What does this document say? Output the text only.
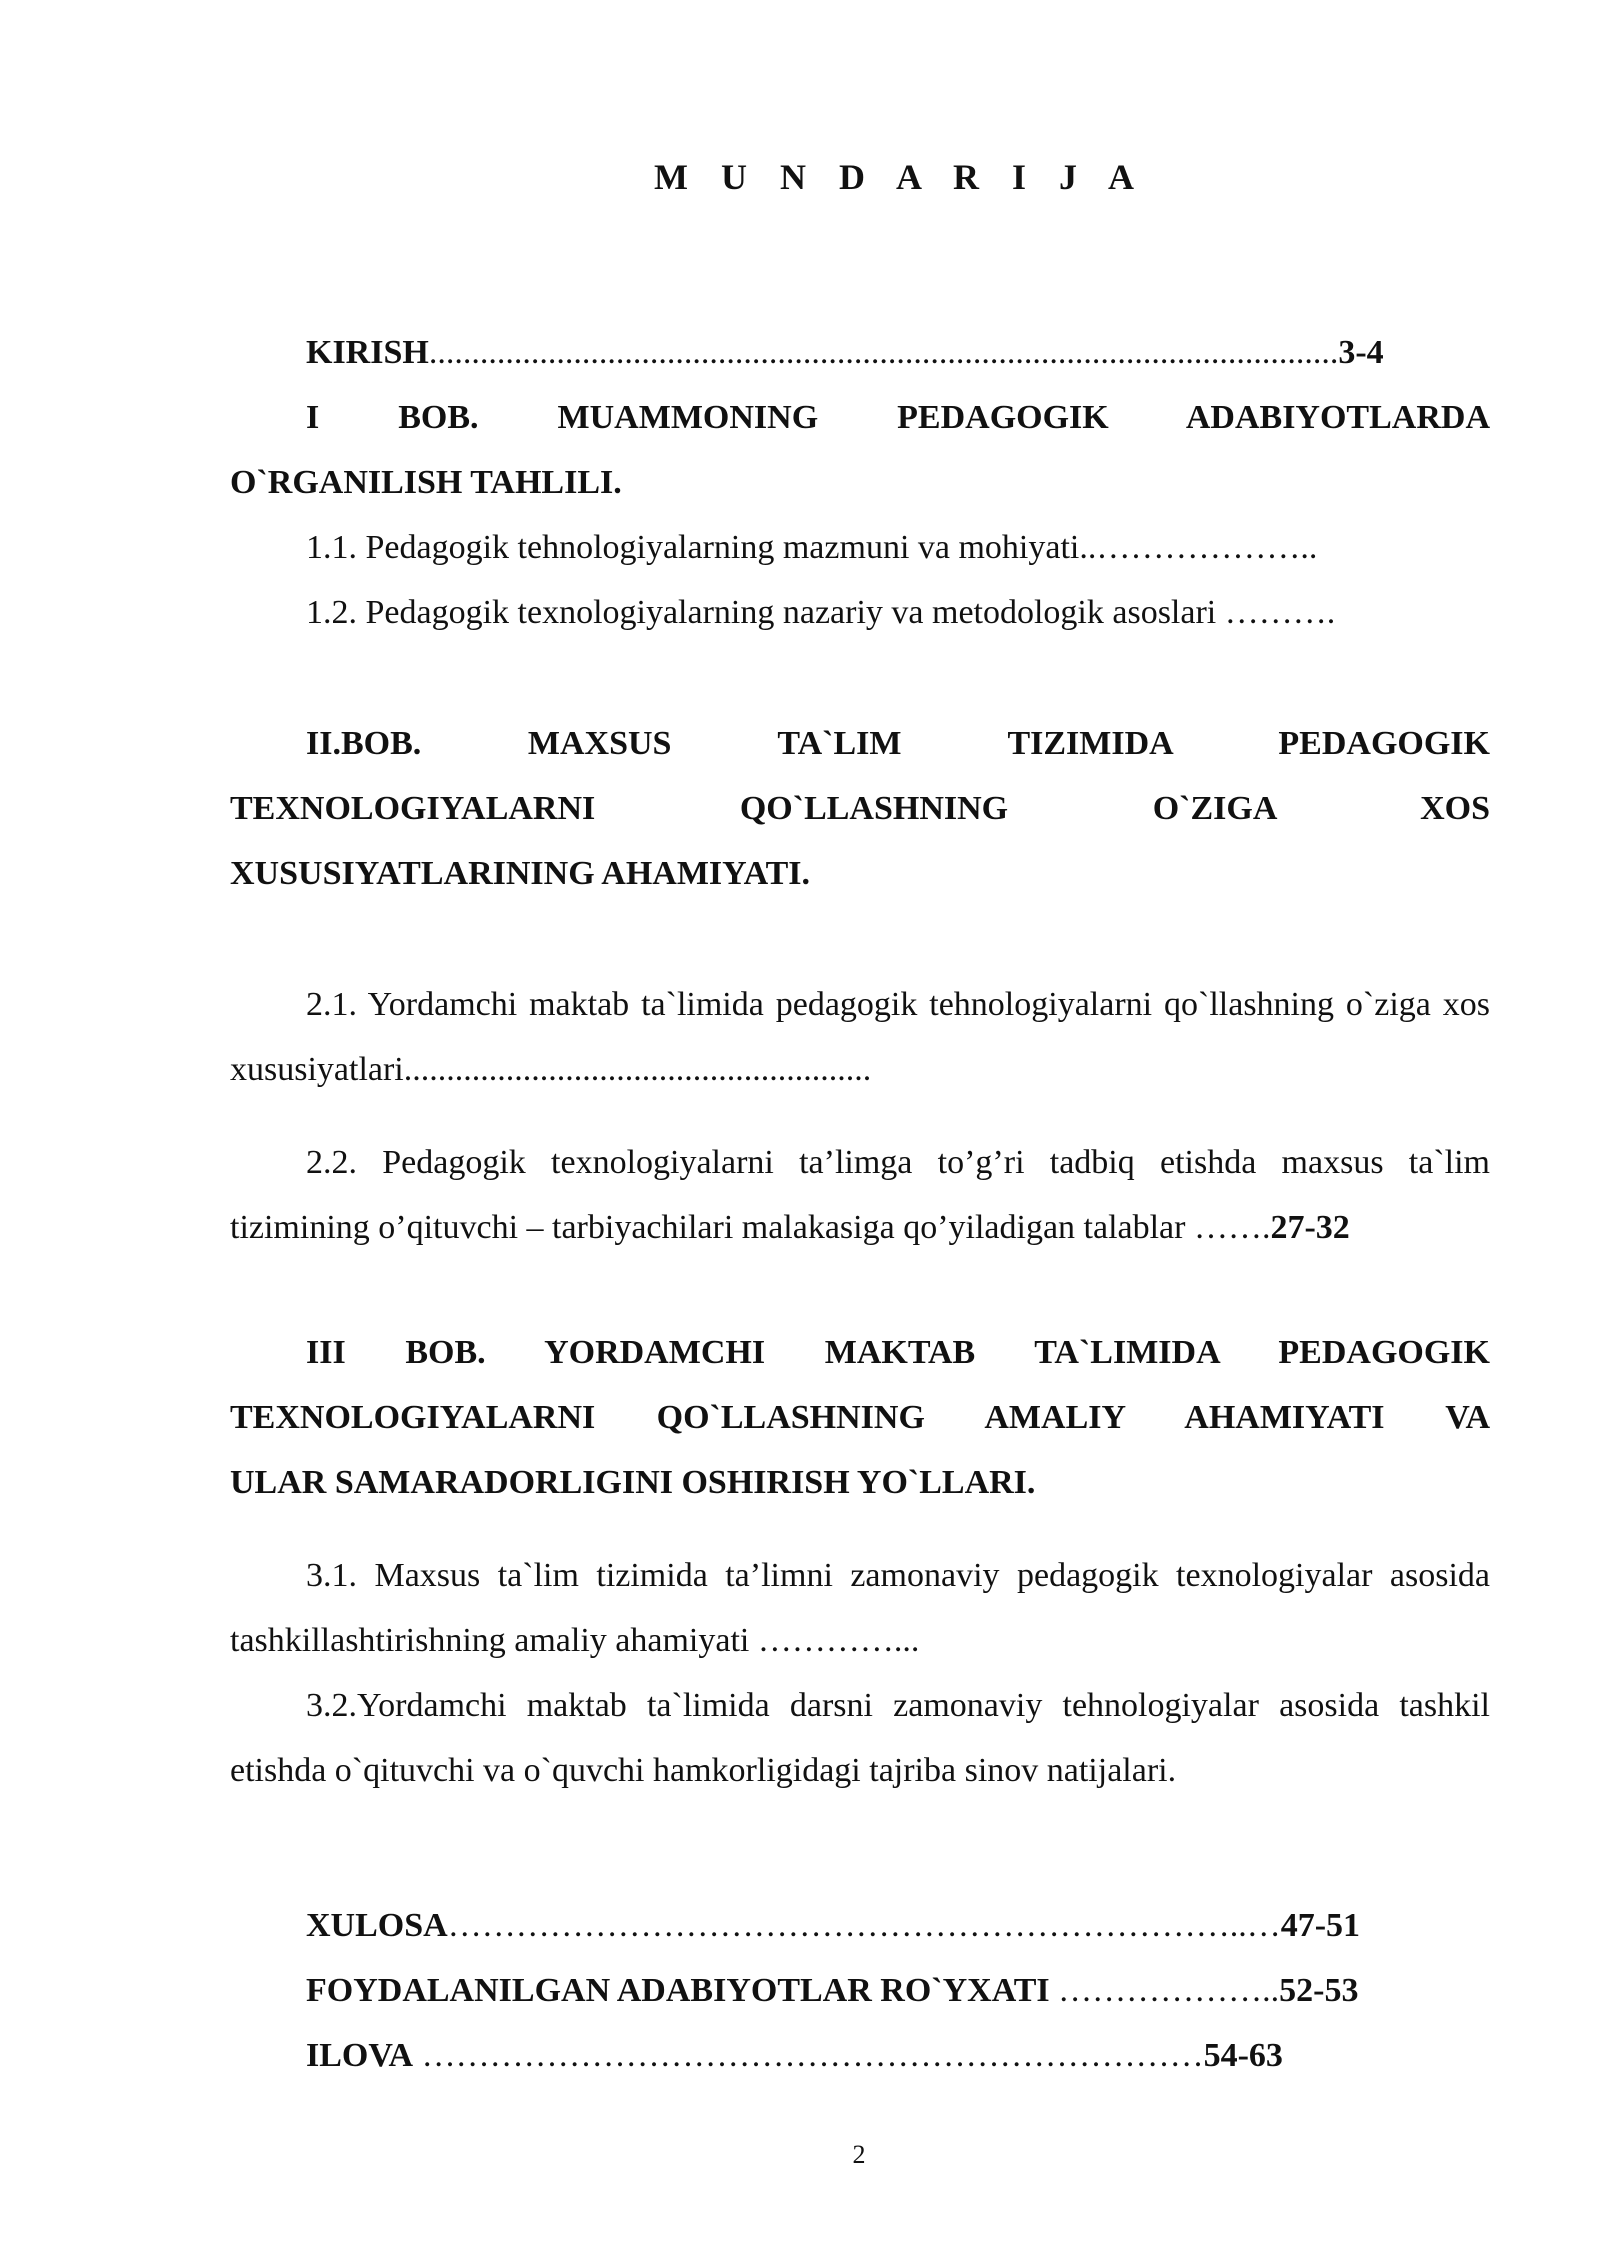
M U N D A R I J A

KIRISH...........................................................................................................3-4

I BOB. MUAMMONING PEDAGOGIK ADABIYOTLARDA

O`RGANILISH TAHLILI.

1.1. Pedagogik tehnologiyalarning mazmuni va mohiyati..………………..

1.2. Pedagogik texnologiyalarning nazariy va metodologik asoslari ……….

II.BOB. MAXSUS TA`LIM TIZIMIDA PEDAGOGIK

TEXNOLOGIYALARNI QO`LLASHNING O`ZIGA XOS

XUSUSIYATLARINING AHAMIYATI.

2.1. Yordamchi maktab ta`limida pedagogik tehnologiyalarni qo`llashning o`ziga xos xususiyatlari.......................................................

2.2. Pedagogik texnologiyalarni ta’limga to’g’ri tadbiq etishda maxsus ta`lim tizimining o’qituvchi – tarbiyachilari malakasiga qo’yiladigan talablar …….27-32

III BOB. YORDAMCHI MAKTAB TA`LIMIDA PEDAGOGIK

TEXNOLOGIYALARNI QO`LLASHNING AMALIY AHAMIYATI VA

ULAR SAMARADORLIGINI OSHIRISH YO`LLARI.

3.1. Maxsus ta`lim tizimida ta’limni zamonaviy pedagogik texnologiyalar asosida tashkillashtirishning amaliy ahamiyati …………...

3.2.Yordamchi maktab ta`limida darsni zamonaviy tehnologiyalar asosida tashkil etishda o`qituvchi va o`quvchi hamkorligidagi tajriba sinov natijalari.

XULOSA……………………………………………………………..…47-51

FOYDALANILGAN ADABIYOTLAR RO`YXATI ………………..52-53

ILOVA ……………………………………………………………54-63

2
